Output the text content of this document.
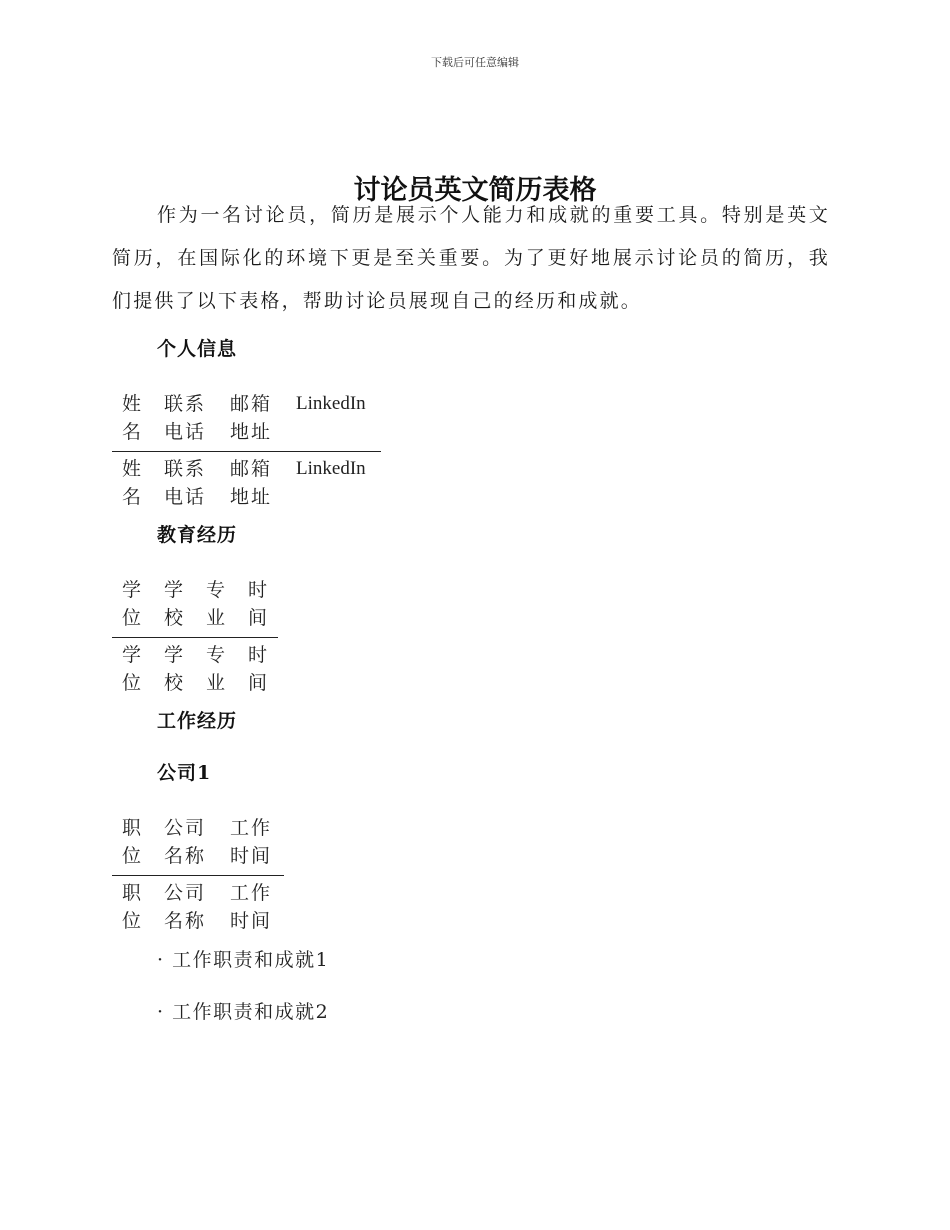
下载后可任意编辑
讨论员英文简历表格

作为一名讨论员，简历是展示个人能力和成就的重要工具。特别是英文简历，在国际化的环境下更是至关重要。为了更好地展示讨论员的简历，我们提供了以下表格，帮助讨论员展现自己的经历和成就。

个人信息
姓名	联系电话	邮箱地址	LinkedIn
姓名	联系电话	邮箱地址	LinkedIn
教育经历
学位	学校	专业	时间
学位	学校	专业	时间
工作经历
公司1
职位	公司名称	工作时间
职位	公司名称	工作时间

· 工作职责和成就1

· 工作职责和成就2
